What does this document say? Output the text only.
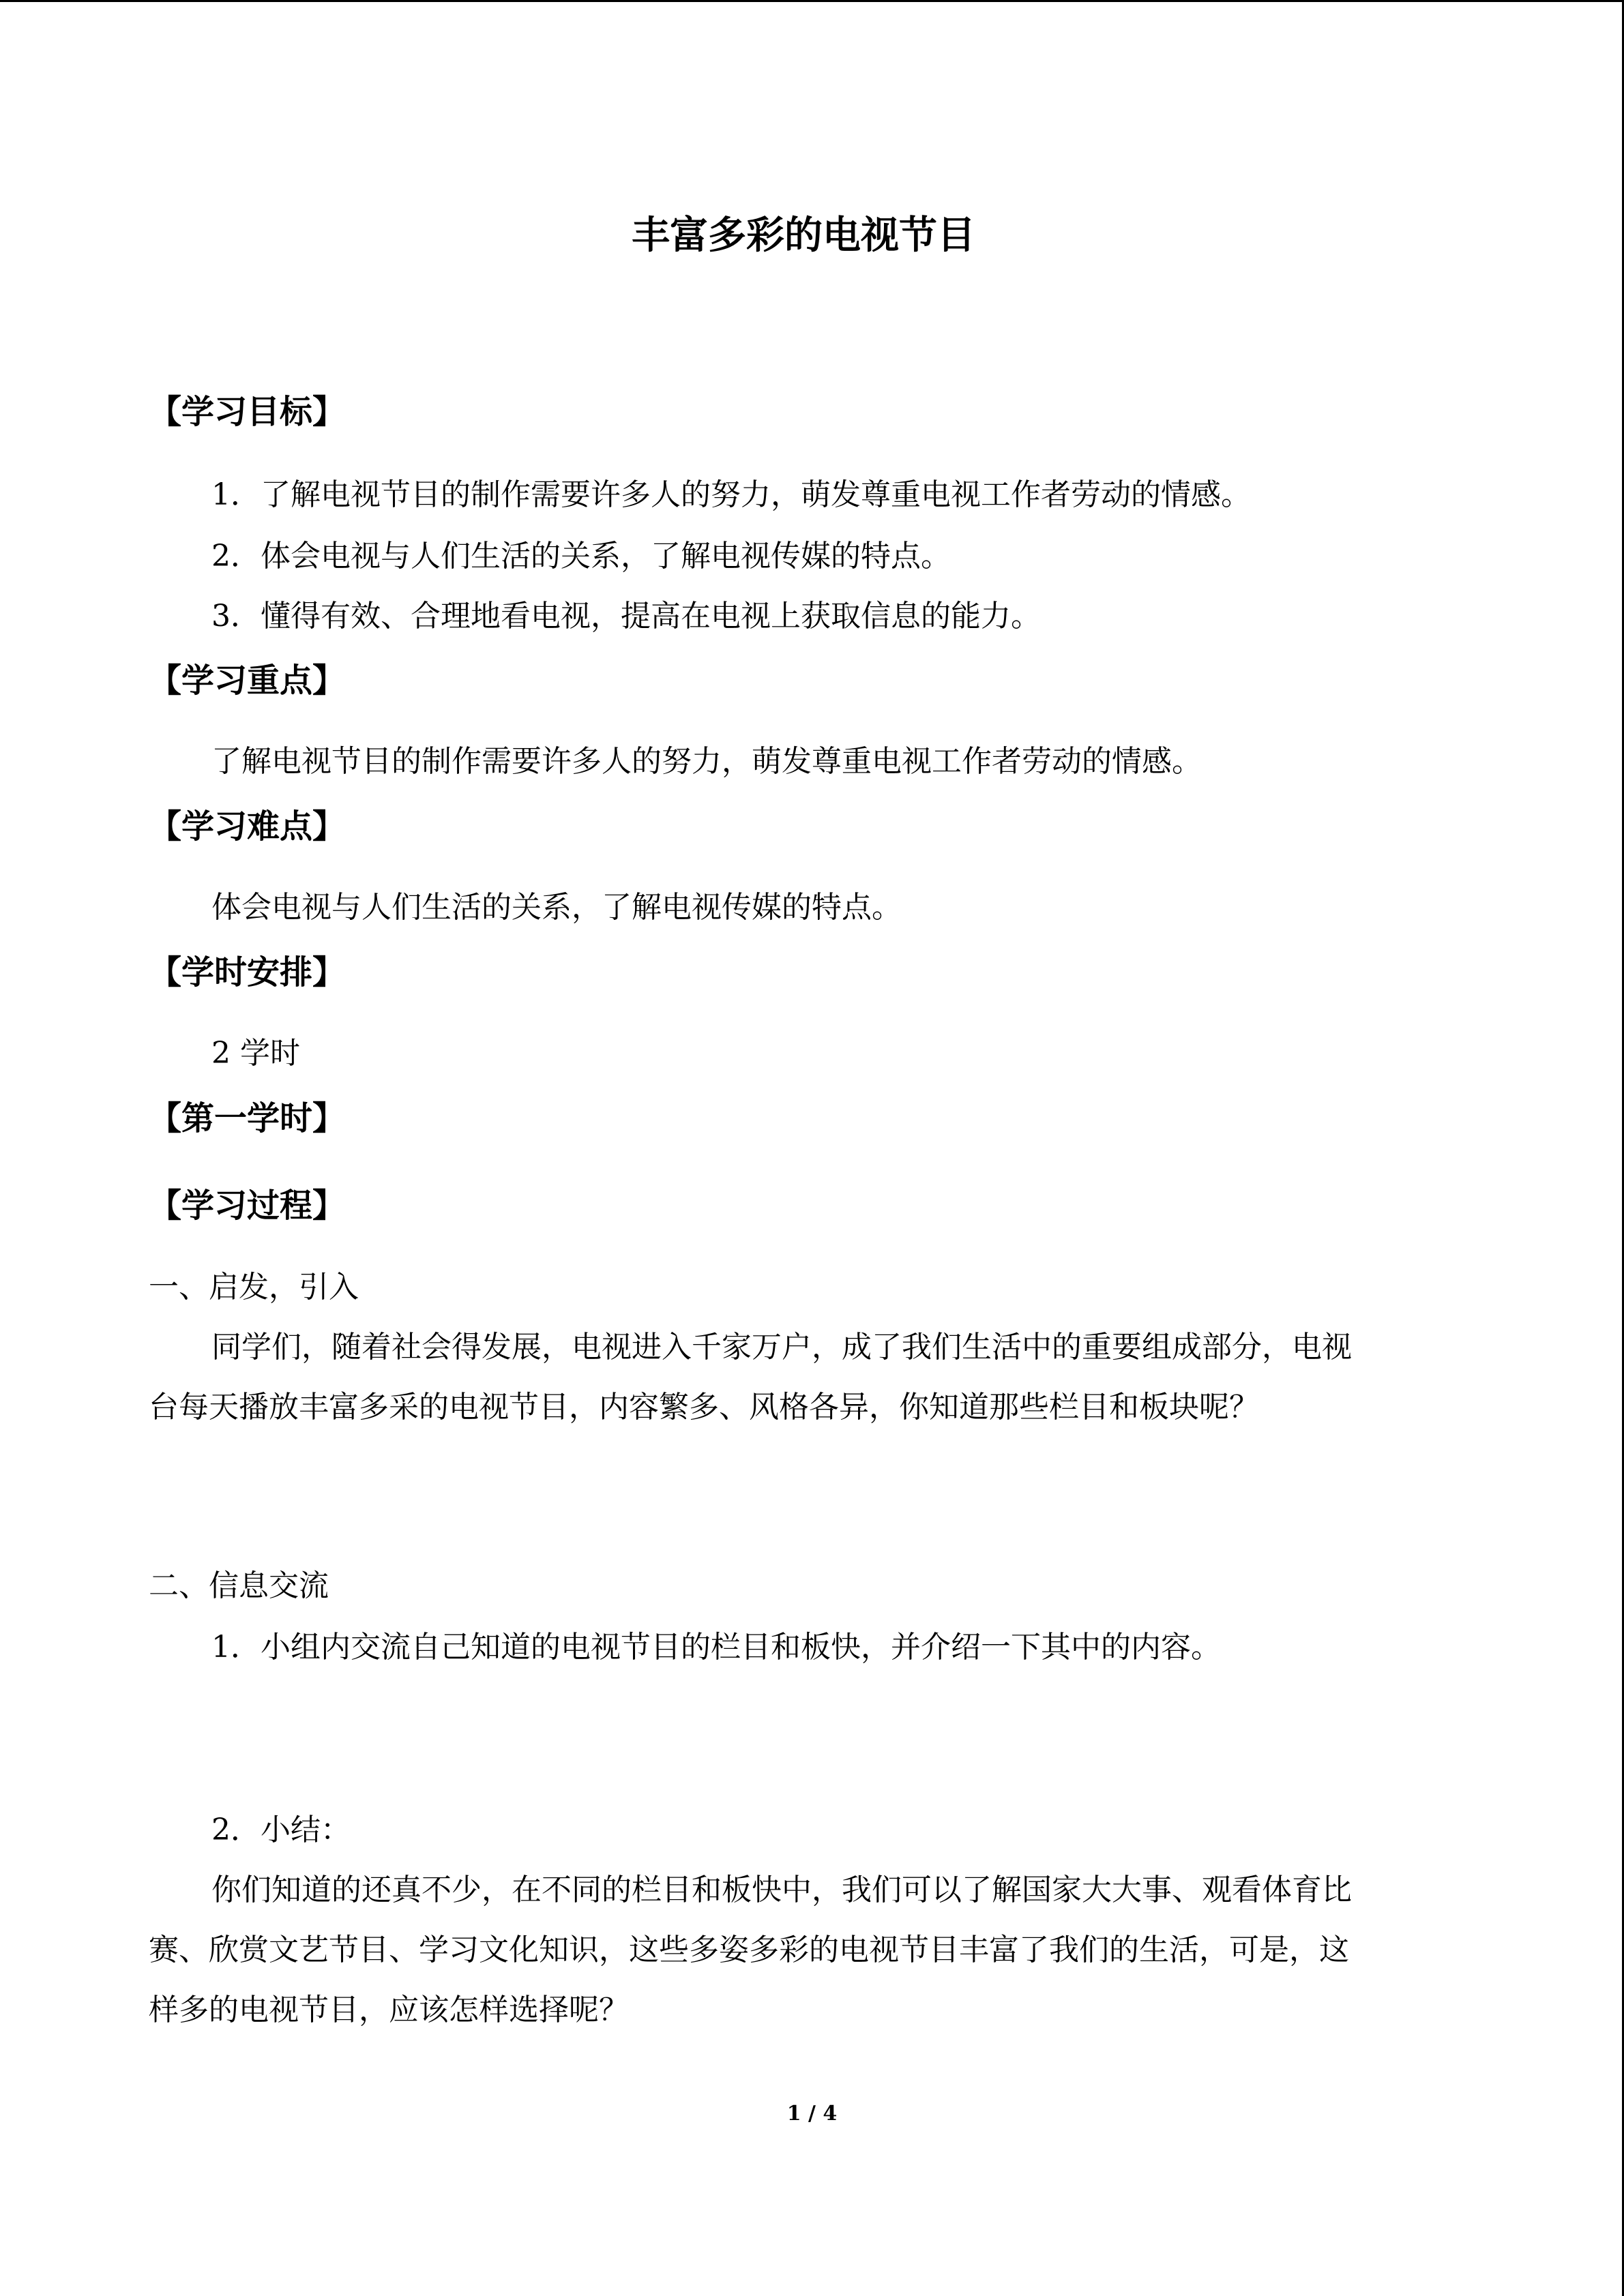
丰富多彩的电视节目
【学习目标】
1．了解电视节目的制作需要许多人的努力，萌发尊重电视工作者劳动的情感。
2．体会电视与人们生活的关系，了解电视传媒的特点。
3．懂得有效、合理地看电视，提高在电视上获取信息的能力。
【学习重点】
了解电视节目的制作需要许多人的努力，萌发尊重电视工作者劳动的情感。
【学习难点】
体会电视与人们生活的关系，了解电视传媒的特点。
【学时安排】
2 学时
【第一学时】
【学习过程】
一、启发，引入
同学们，随着社会得发展，电视进入千家万户，成了我们生活中的重要组成部分，电视
台每天播放丰富多采的电视节目，内容繁多、风格各异，你知道那些栏目和板块呢？
二、信息交流
1．小组内交流自己知道的电视节目的栏目和板快，并介绍一下其中的内容。
2．小结：
你们知道的还真不少，在不同的栏目和板快中，我们可以了解国家大大事、观看体育比
赛、欣赏文艺节目、学习文化知识，这些多姿多彩的电视节目丰富了我们的生活，可是，这
样多的电视节目，应该怎样选择呢？
1 / 4
